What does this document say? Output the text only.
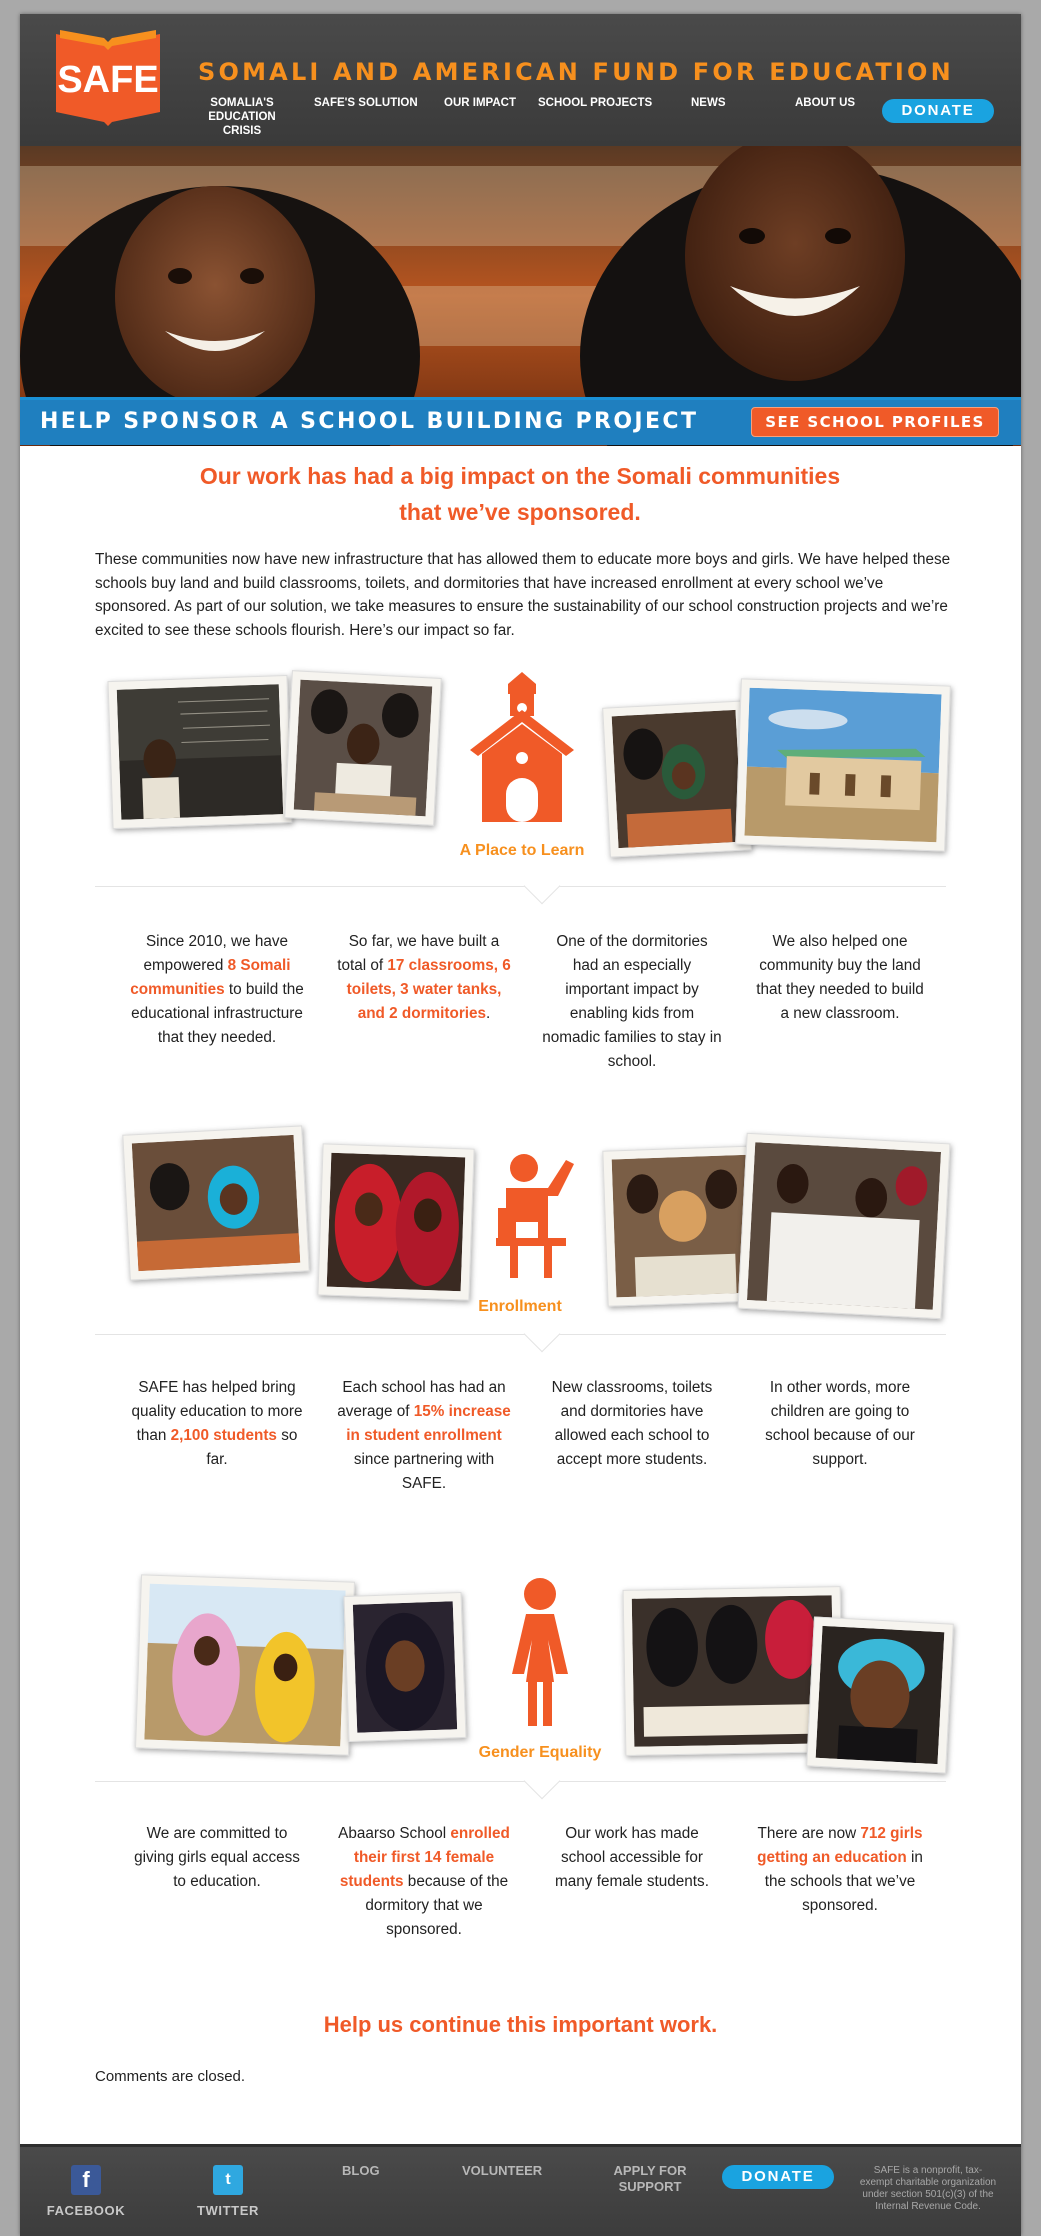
SAFE SOMALI AND AMERICAN FUND FOR EDUCATION
SOMALIA'S
EDUCATION CRISIS
SAFE'S SOLUTION OUR IMPACT SCHOOL PROJECTS	NEWS	ABOUT US	DONATE
HELP SPONSOR A SCHOOL BUILDING PROJECT	SEE SCHOOL PROFILES
Our work has had a big impact on the Somali communities
that we’ve sponsored.
These communities now have new infrastructure that has allowed them to educate more boys and girls. We have helped these schools buy land and build classrooms, toilets, and dormitories that have increased enrollment at every school we’ve sponsored. As part of our solution, we take measures to ensure the sustainability of our school construction projects and we’re excited to see these schools flourish. Here’s our impact so far.
A Place to Learn
Since 2010, we have empowered 8 Somali communities to build the educational infrastructure that they needed.
So far, we have built a total of 17 classrooms, 6 toilets, 3 water tanks, and 2 dormitories.
One of the dormitories had an especially important impact by enabling kids from nomadic families to stay in school.
We also helped one community buy the land that they needed to build a new classroom.
Enrollment
SAFE has helped bring quality education to more than 2,100 students so far.
Each school has had an average of 15% increase in student enrollment since partnering with SAFE.
New classrooms, toilets and dormitories have allowed each school to accept more students.
In other words, more children are going to school because of our support.
Gender Equality
We are committed to giving girls equal access to education.
Abaarso School enrolled their first 14 female students because of the dormitory that we sponsored.
Our work has made school accessible for many female students.
There are now 712 girls getting an education in the schools that we’ve sponsored.
Help us continue this important work.
Comments are closed.
f
FACEBOOK
t
TWITTER
BLOG	VOLUNTEER	APPLY FOR
SUPPORT
DONATE	SAFE is a nonprofit, tax-exempt charitable organization under section 501(c)(3) of the Internal Revenue Code.
